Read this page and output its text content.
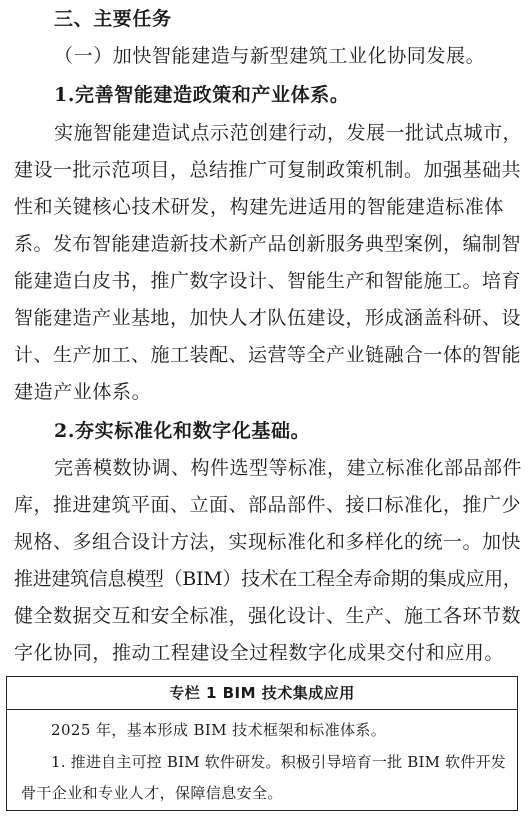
三、主要任务
（一）加快智能建造与新型建筑工业化协同发展。
1.完善智能建造政策和产业体系。
实施智能建造试点示范创建行动，发展一批试点城市，
建设一批示范项目，总结推广可复制政策机制。加强基础共
性和关键核心技术研发，构建先进适用的智能建造标准体
系。发布智能建造新技术新产品创新服务典型案例，编制智
能建造白皮书，推广数字设计、智能生产和智能施工。培育
智能建造产业基地，加快人才队伍建设，形成涵盖科研、设
计、生产加工、施工装配、运营等全产业链融合一体的智能
建造产业体系。
2.夯实标准化和数字化基础。
完善模数协调、构件选型等标准，建立标准化部品部件
库，推进建筑平面、立面、部品部件、接口标准化，推广少
规格、多组合设计方法，实现标准化和多样化的统一。加快
推进建筑信息模型（BIM）技术在工程全寿命期的集成应用，
健全数据交互和安全标准，强化设计、生产、施工各环节数
字化协同，推动工程建设全过程数字化成果交付和应用。
专栏 1 BIM 技术集成应用
2025 年，基本形成 BIM 技术框架和标准体系。
1. 推进自主可控 BIM 软件研发。积极引导培育一批 BIM 软件开发
骨干企业和专业人才，保障信息安全。
